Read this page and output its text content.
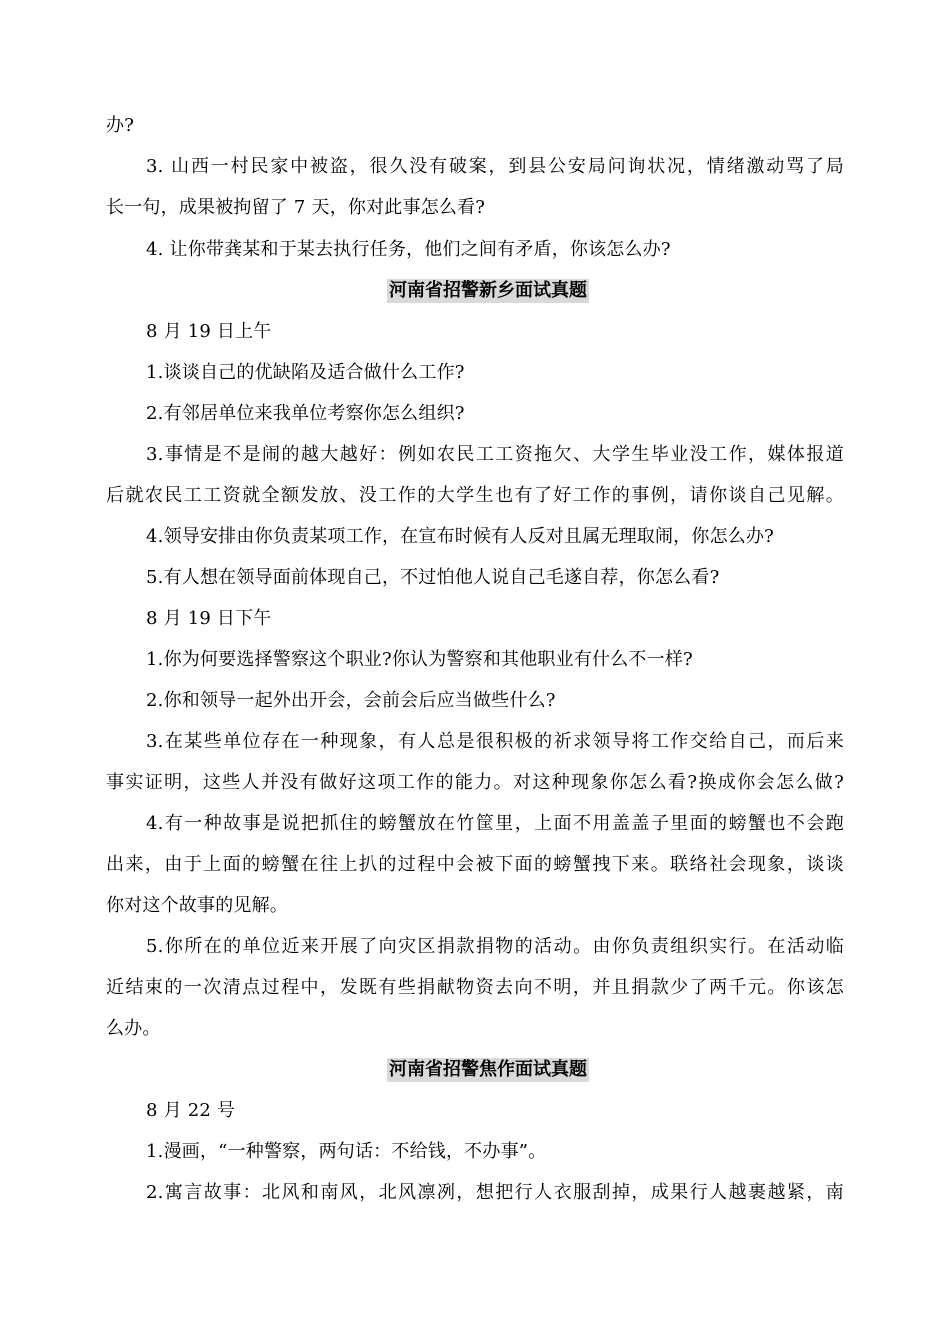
办?
3. 山西一村民家中被盗，很久没有破案，到县公安局问询状况，情绪激动骂了局
长一句，成果被拘留了 7 天，你对此事怎么看?
4. 让你带龚某和于某去执行任务，他们之间有矛盾，你该怎么办?
河南省招警新乡面试真题
8 月 19 日上午
1.谈谈自己的优缺陷及适合做什么工作?
2.有邻居单位来我单位考察你怎么组织?
3.事情是不是闹的越大越好：例如农民工工资拖欠、大学生毕业没工作，媒体报道
后就农民工工资就全额发放、没工作的大学生也有了好工作的事例，请你谈自己见解。
4.领导安排由你负责某项工作，在宣布时候有人反对且属无理取闹，你怎么办?
5.有人想在领导面前体现自己，不过怕他人说自己毛遂自荐，你怎么看?
8 月 19 日下午
1.你为何要选择警察这个职业?你认为警察和其他职业有什么不一样?
2.你和领导一起外出开会，会前会后应当做些什么?
3.在某些单位存在一种现象，有人总是很积极的祈求领导将工作交给自己，而后来
事实证明，这些人并没有做好这项工作的能力。对这种现象你怎么看?换成你会怎么做?
4.有一种故事是说把抓住的螃蟹放在竹筐里，上面不用盖盖子里面的螃蟹也不会跑
出来，由于上面的螃蟹在往上扒的过程中会被下面的螃蟹拽下来。联络社会现象，谈谈
你对这个故事的见解。
5.你所在的单位近来开展了向灾区捐款捐物的活动。由你负责组织实行。在活动临
近结束的一次清点过程中，发既有些捐献物资去向不明，并且捐款少了两千元。你该怎
么办。
河南省招警焦作面试真题
8 月 22 号
1.漫画，“一种警察，两句话：不给钱，不办事”。
2.寓言故事：北风和南风，北风凛冽，想把行人衣服刮掉，成果行人越裹越紧，南
